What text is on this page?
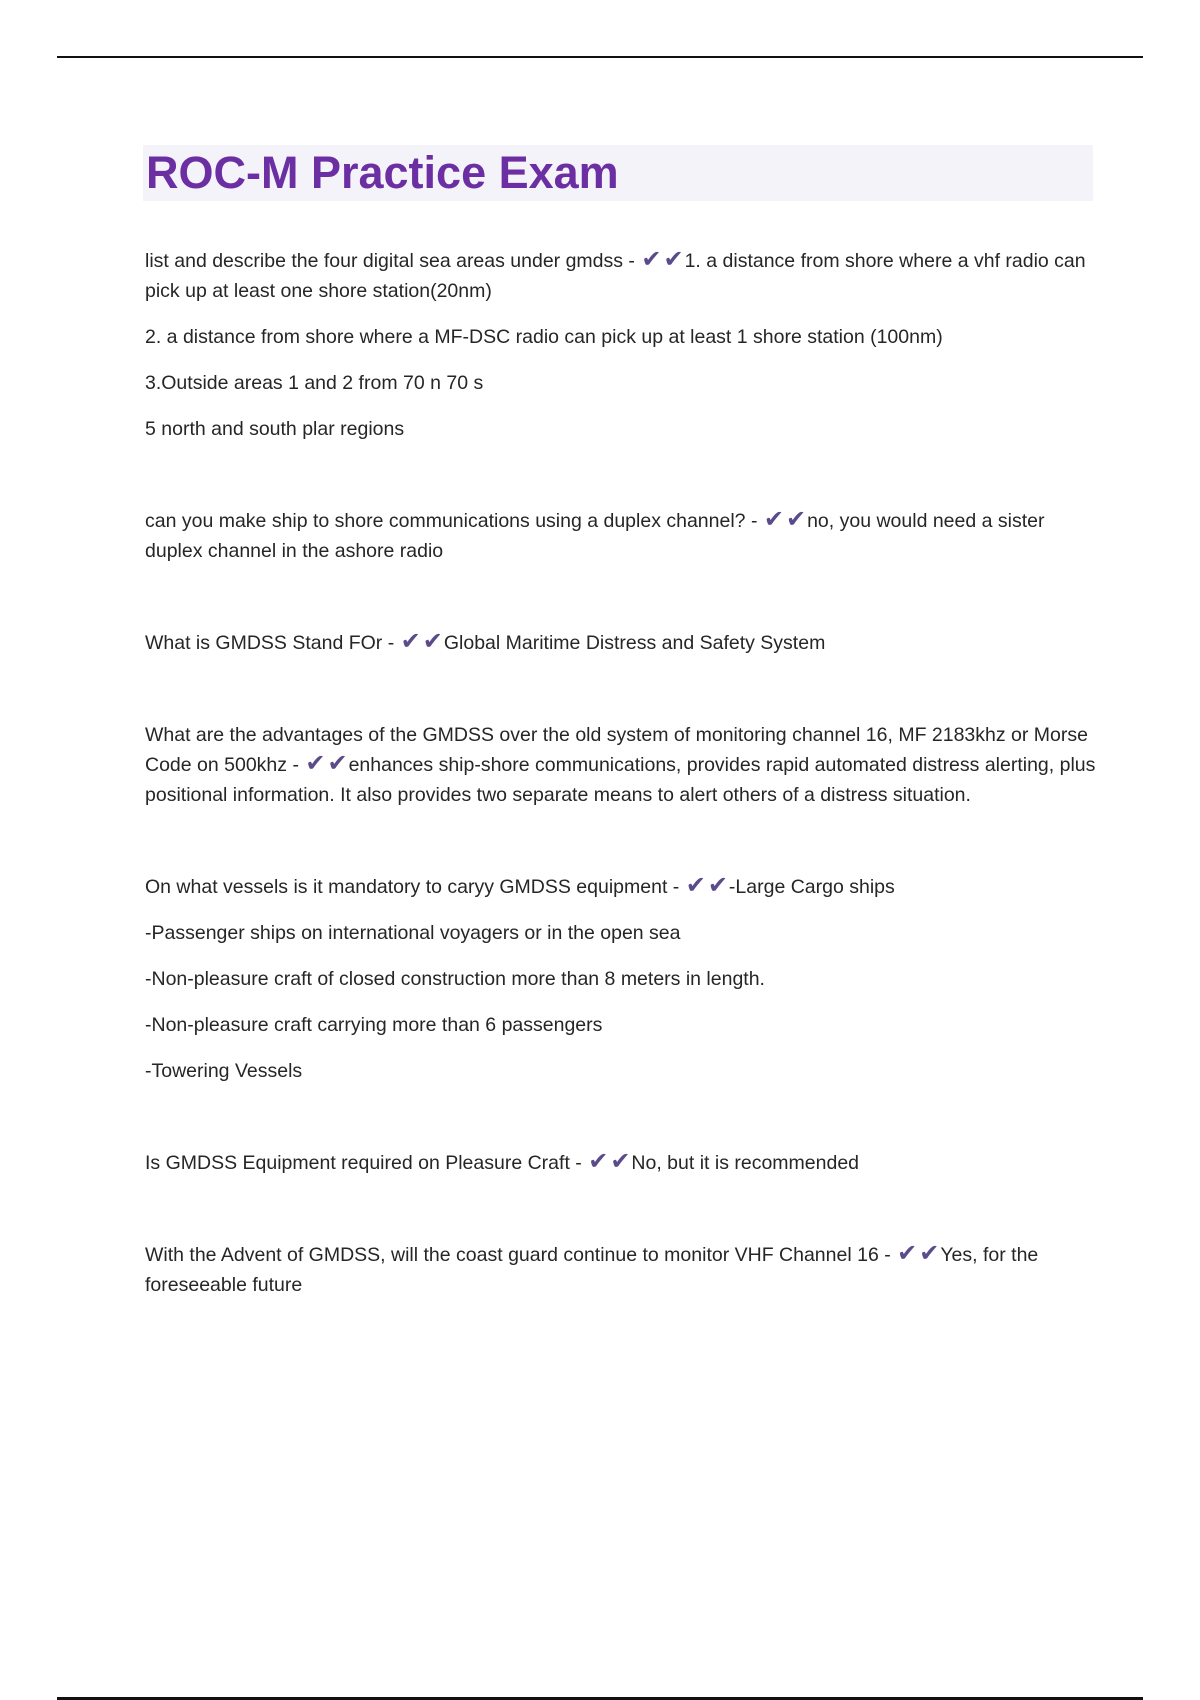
ROC-M Practice Exam

list and describe the four digital sea areas under gmdss - ✔✔1. a distance from shore where a vhf radio can pick up at least one shore station(20nm)

2. a distance from shore where a MF-DSC radio can pick up at least 1 shore station (100nm)

3.Outside areas 1 and 2 from 70 n 70 s

5 north and south plar regions

can you make ship to shore communications using a duplex channel? - ✔✔no, you would need a sister duplex channel in the ashore radio

What is GMDSS Stand FOr - ✔✔Global Maritime Distress and Safety System

What are the advantages of the GMDSS over the old system of monitoring channel 16, MF 2183khz or Morse Code on 500khz - ✔✔enhances ship-shore communications, provides rapid automated distress alerting, plus positional information. It also provides two separate means to alert others of a distress situation.

On what vessels is it mandatory to caryy GMDSS equipment - ✔✔-Large Cargo ships

-Passenger ships on international voyagers or in the open sea

-Non-pleasure craft of closed construction more than 8 meters in length.

-Non-pleasure craft carrying more than 6 passengers

-Towering Vessels

Is GMDSS Equipment required on Pleasure Craft - ✔✔No, but it is recommended

With the Advent of GMDSS, will the coast guard continue to monitor VHF Channel 16 - ✔✔Yes, for the foreseeable future
